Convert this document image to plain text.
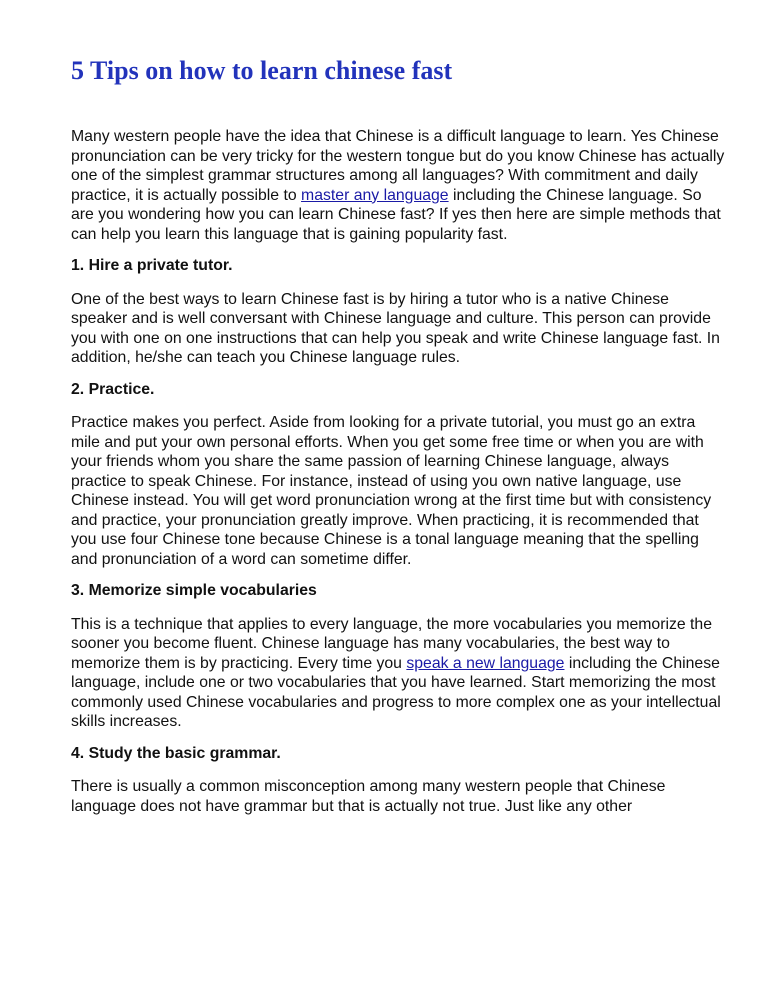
5 Tips on how to learn chinese fast

Many western people have the idea that Chinese is a difficult language to learn. Yes Chinese pronunciation can be very tricky for the western tongue but do you know Chinese has actually one of the simplest grammar structures among all languages? With commitment and daily practice, it is actually possible to master any language including the Chinese language. So are you wondering how you can learn Chinese fast? If yes then here are simple methods that can help you learn this language that is gaining popularity fast.

1. Hire a private tutor.

One of the best ways to learn Chinese fast is by hiring a tutor who is a native Chinese speaker and is well conversant with Chinese language and culture. This person can provide you with one on one instructions that can help you speak and write Chinese language fast. In addition, he/she can teach you Chinese language rules.

2. Practice.

Practice makes you perfect. Aside from looking for a private tutorial, you must go an extra mile and put your own personal efforts. When you get some free time or when you are with your friends whom you share the same passion of learning Chinese language, always practice to speak Chinese. For instance, instead of using you own native language, use Chinese instead. You will get word pronunciation wrong at the first time but with consistency and practice, your pronunciation greatly improve. When practicing, it is recommended that you use four Chinese tone because Chinese is a tonal language meaning that the spelling and pronunciation of a word can sometime differ.

3. Memorize simple vocabularies

This is a technique that applies to every language, the more vocabularies you memorize the sooner you become fluent. Chinese language has many vocabularies, the best way to memorize them is by practicing. Every time you speak a new language including the Chinese language, include one or two vocabularies that you have learned. Start memorizing the most commonly used Chinese vocabularies and progress to more complex one as your intellectual skills increases.

4. Study the basic grammar.

There is usually a common misconception among many western people that Chinese language does not have grammar but that is actually not true. Just like any other
